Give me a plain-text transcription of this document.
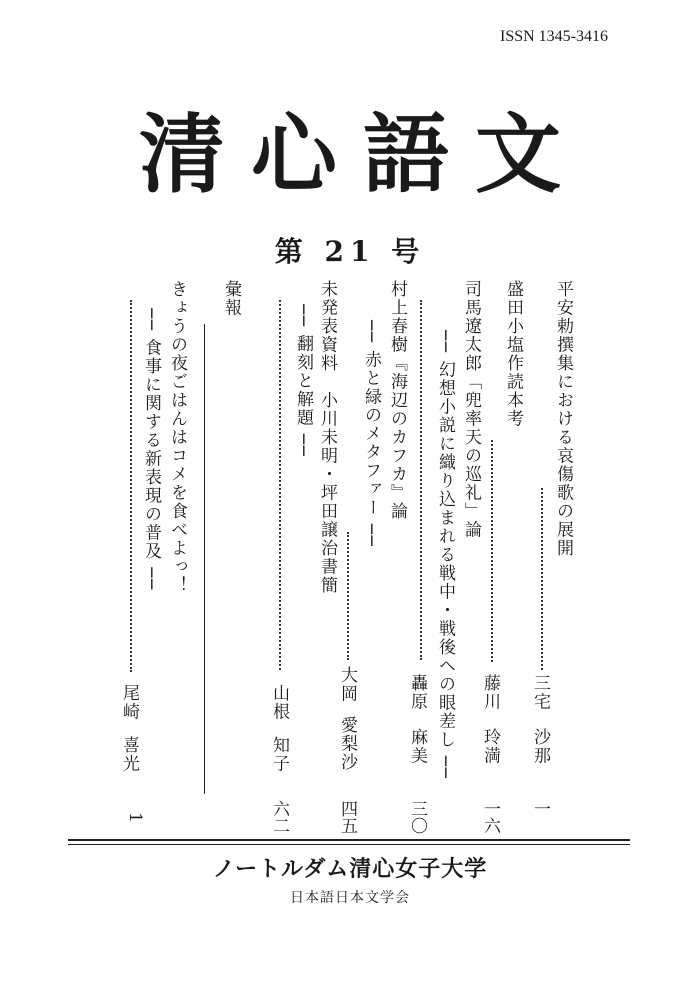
ISSN 1345-3416
清心語文
第 21 号
平安勅撰集における哀傷歌の展開
三宅
沙那
一
盛田小塩作読本考
藤川
玲満
一六
司馬遼太郎「兜率天の巡礼」論
── 幻想小説に織り込まれる戦中・戦後への眼差し ──
轟原
麻美
三〇
村上春樹『海辺のカフカ』論
── 赤と緑のメタファー ──
大岡
愛梨沙
四五
未発表資料　小川未明・坪田譲治書簡
── 翻刻と解題 ──
山根
知子
六二
彙報
きょうの夜ごはんはコメを食べよっ！
── 食事に関する新表現の普及 ──
尾崎
喜光
1
ノートルダム清心女子大学
日本語日本文学会
